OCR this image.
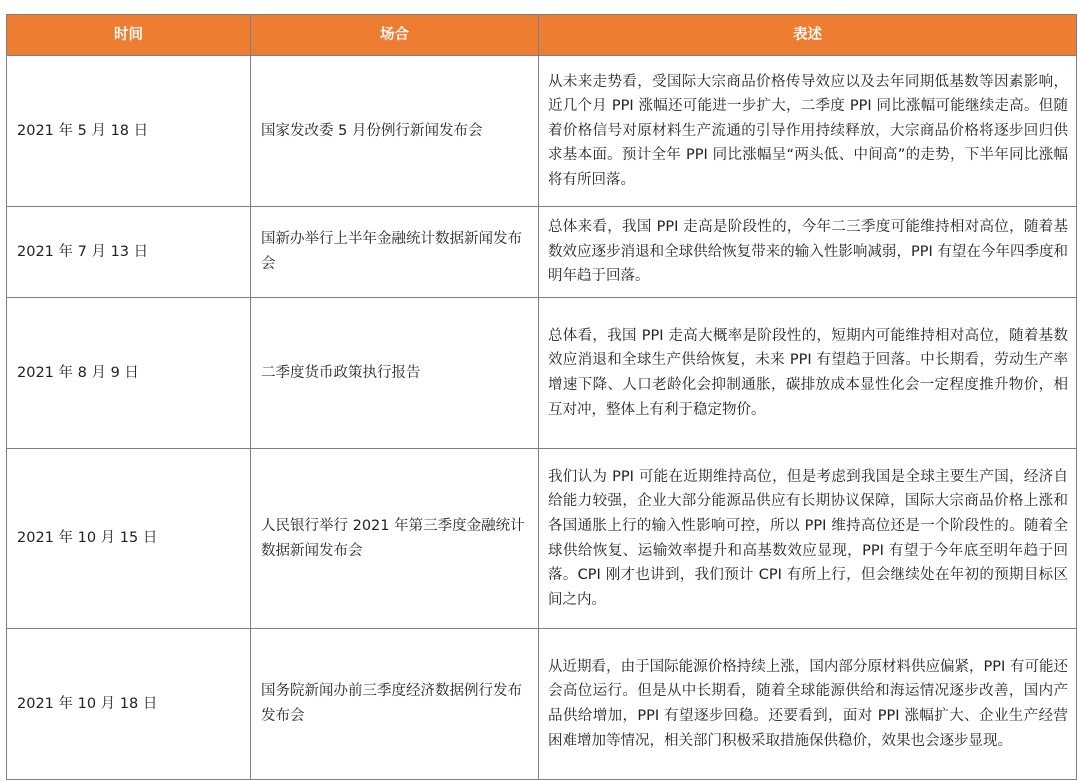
时间	场合	表述
2021 年 5 月 18 日	国家发改委 5 月份例行新闻发布会	从未来走势看，受国际大宗商品价格传导效应以及去年同期低基数等因素影响，近几个月 PPI 涨幅还可能进一步扩大，二季度 PPI 同比涨幅可能继续走高。但随着价格信号对原材料生产流通的引导作用持续释放，大宗商品价格将逐步回归供求基本面。预计全年 PPI 同比涨幅呈“两头低、中间高”的走势，下半年同比涨幅将有所回落。
2021 年 7 月 13 日	国新办举行上半年金融统计数据新闻发布会	总体来看，我国 PPI 走高是阶段性的，今年二三季度可能维持相对高位，随着基数效应逐步消退和全球供给恢复带来的输入性影响减弱，PPI 有望在今年四季度和明年趋于回落。
2021 年 8 月 9 日	二季度货币政策执行报告	总体看，我国 PPI 走高大概率是阶段性的，短期内可能维持相对高位，随着基数效应消退和全球生产供给恢复，未来 PPI 有望趋于回落。中长期看，劳动生产率增速下降、人口老龄化会抑制通胀，碳排放成本显性化会一定程度推升物价，相互对冲，整体上有利于稳定物价。
2021 年 10 月 15 日	人民银行举行 2021 年第三季度金融统计数据新闻发布会	我们认为 PPI 可能在近期维持高位，但是考虑到我国是全球主要生产国，经济自给能力较强，企业大部分能源品供应有长期协议保障，国际大宗商品价格上涨和各国通胀上行的输入性影响可控，所以 PPI 维持高位还是一个阶段性的。随着全球供给恢复、运输效率提升和高基数效应显现，PPI 有望于今年底至明年趋于回落。CPI 刚才也讲到，我们预计 CPI 有所上行，但会继续处在年初的预期目标区间之内。
2021 年 10 月 18 日	国务院新闻办前三季度经济数据例行发布发布会	从近期看，由于国际能源价格持续上涨，国内部分原材料供应偏紧，PPI 有可能还会高位运行。但是从中长期看，随着全球能源供给和海运情况逐步改善，国内产品供给增加，PPI 有望逐步回稳。还要看到，面对 PPI 涨幅扩大、企业生产经营困难增加等情况，相关部门积极采取措施保供稳价，效果也会逐步显现。
